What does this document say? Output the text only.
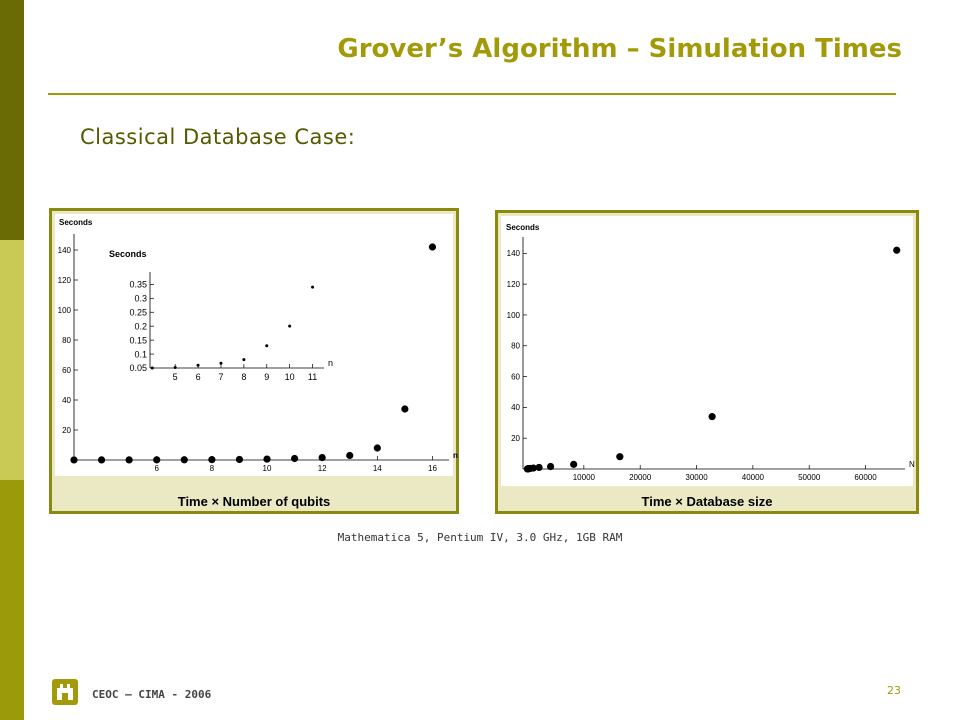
Grover’s Algorithm – Simulation Times
Classical Database Case:
20
40
60
80
100
120
140
6	8	10	12	14	16
Seconds
n
0.05
0.1
0.15
0.2
0.25
0.3
0.35
5 6 7 8 9 10 11
Seconds
n
Time × Number of qubits
20
40
60
80
100
120
140
10000	20000	30000	40000	50000	60000
Seconds
N
Time × Database size
Mathematica 5, Pentium IV, 3.0 GHz, 1GB RAM
CEOC – CIMA - 2006	23
